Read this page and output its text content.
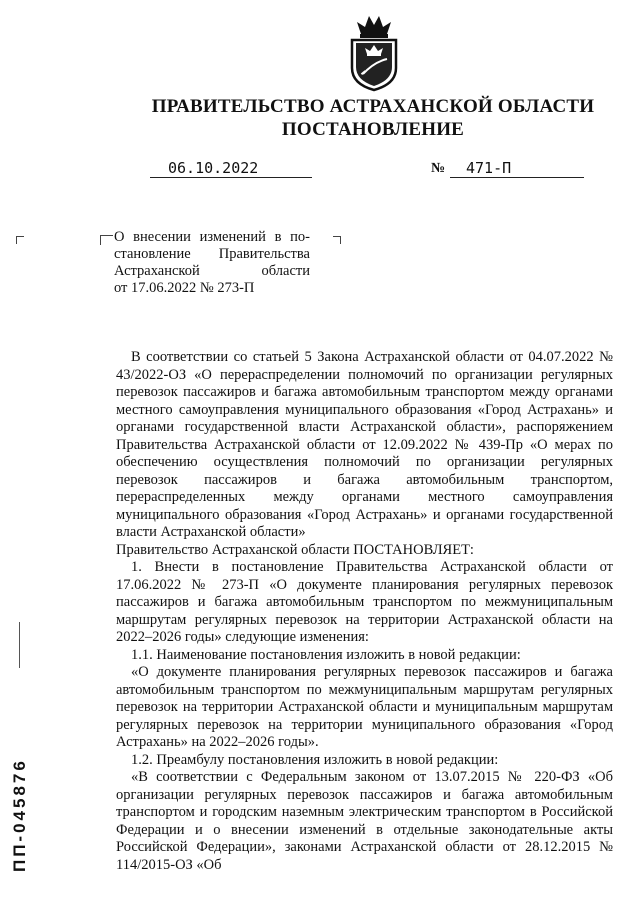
ПРАВИТЕЛЬСТВО АСТРАХАНСКОЙ ОБЛАСТИ
ПОСТАНОВЛЕНИЕ
06.10.2022	№	471-П
О внесении изменений в по-
становление Правительства
Астраханской области
от 17.06.2022 № 273-П

В соответствии со статьей 5 Закона Астраханской области от 04.07.2022 № 43/2022-ОЗ «О перераспределении полномочий по организации регулярных перевозок пассажиров и багажа автомобильным транспортом между органами местного самоуправления муниципального образования «Город Астрахань» и органами государственной власти Астраханской области», распоряжением Правительства Астраханской области от 12.09.2022 № 439-Пр «О мерах по обеспечению осуществления полномочий по организации регулярных перевозок пассажиров и багажа автомобильным транспортом, перераспределенных между органами местного самоуправления муниципального образования «Город Астрахань» и органами государственной власти Астраханской области»

Правительство Астраханской области ПОСТАНОВЛЯЕТ:

1. Внести в постановление Правительства Астраханской области от 17.06.2022 № 273-П «О документе планирования регулярных перевозок пассажиров и багажа автомобильным транспортом по межмуниципальным маршрутам регулярных перевозок на территории Астраханской области на 2022–2026 годы» следующие изменения:

1.1. Наименование постановления изложить в новой редакции:

«О документе планирования регулярных перевозок пассажиров и багажа автомобильным транспортом по межмуниципальным маршрутам регулярных перевозок на территории Астраханской области и муниципальным маршрутам регулярных перевозок на территории муниципального образования «Город Астрахань» на 2022–2026 годы».

1.2. Преамбулу постановления изложить в новой редакции:

«В соответствии с Федеральным законом от 13.07.2015 № 220-ФЗ «Об организации регулярных перевозок пассажиров и багажа автомобильным транспортом и городским наземным электрическим транспортом в Российской Федерации и о внесении изменений в отдельные законодательные акты Российской Федерации», законами Астраханской области от 28.12.2015 № 114/2015-ОЗ «Об

ПП-045876
